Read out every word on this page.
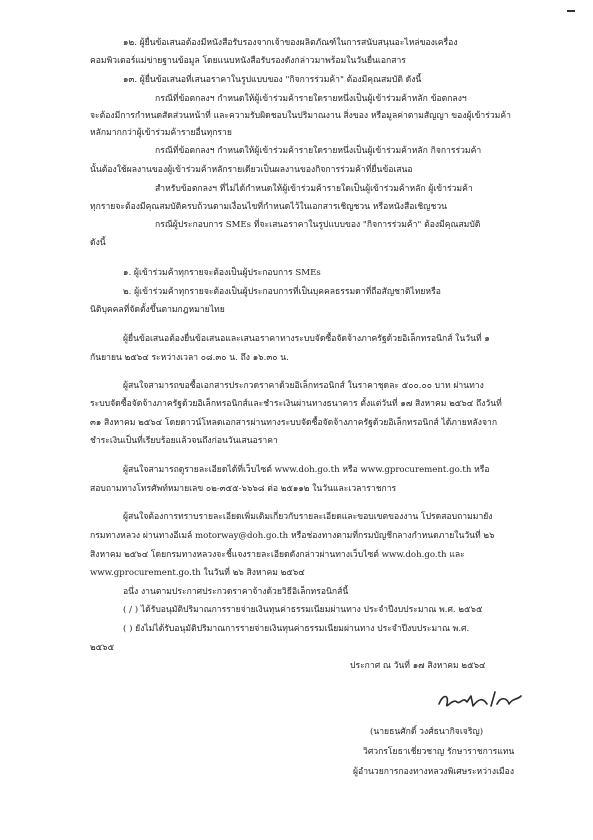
๑๒. ผู้ยื่นข้อเสนอต้องมีหนังสือรับรองจากเจ้าของผลิตภัณฑ์ในการสนับสนุนอะไหล่ของเครื่อง
คอมพิวเตอร์แม่ข่ายฐานข้อมูล โดยแนบหนังสือรับรองดังกล่าวมาพร้อมในวันยื่นเอกสาร
๑๓. ผู้ยื่นข้อเสนอที่เสนอราคาในรูปแบบของ "กิจการร่วมค้า" ต้องมีคุณสมบัติ ดังนี้
กรณีที่ข้อตกลงฯ กำหนดให้ผู้เข้าร่วมค้ารายใดรายหนึ่งเป็นผู้เข้าร่วมค้าหลัก ข้อตกลงฯ
จะต้องมีการกำหนดสัดส่วนหน้าที่ และความรับผิดชอบในปริมาณงาน สิ่งของ หรือมูลค่าตามสัญญา ของผู้เข้าร่วมค้า
หลักมากกว่าผู้เข้าร่วมค้ารายอื่นทุกราย
กรณีที่ข้อตกลงฯ กำหนดให้ผู้เข้าร่วมค้ารายใดรายหนึ่งเป็นผู้เข้าร่วมค้าหลัก กิจการร่วมค้า
นั้นต้องใช้ผลงานของผู้เข้าร่วมค้าหลักรายเดียวเป็นผลงานของกิจการร่วมค้าที่ยื่นข้อเสนอ
สำหรับข้อตกลงฯ ที่ไม่ได้กำหนดให้ผู้เข้าร่วมค้ารายใดเป็นผู้เข้าร่วมค้าหลัก ผู้เข้าร่วมค้า
ทุกรายจะต้องมีคุณสมบัติครบถ้วนตามเงื่อนไขที่กำหนดไว้ในเอกสารเชิญชวน หรือหนังสือเชิญชวน
กรณีผู้ประกอบการ SMEs ที่จะเสนอราคาในรูปแบบของ "กิจการร่วมค้า" ต้องมีคุณสมบัติ
ดังนี้
๑. ผู้เข้าร่วมค้าทุกรายจะต้องเป็นผู้ประกอบการ SMEs
๒. ผู้เข้าร่วมค้าทุกรายจะต้องเป็นผู้ประกอบการที่เป็นบุคคลธรรมดาที่ถือสัญชาติไทยหรือ
นิติบุคคลที่จัดตั้งขึ้นตามกฎหมายไทย
ผู้ยื่นข้อเสนอต้องยื่นข้อเสนอและเสนอราคาทางระบบจัดซื้อจัดจ้างภาครัฐด้วยอิเล็กทรอนิกส์ ในวันที่ ๑
กันยายน ๒๕๖๔ ระหว่างเวลา ๐๘.๓๐ น. ถึง ๑๖.๓๐ น.
ผู้สนใจสามารถขอซื้อเอกสารประกวดราคาด้วยอิเล็กทรอนิกส์ ในราคาชุดละ ๕๐๐.๐๐ บาท ผ่านทาง
ระบบจัดซื้อจัดจ้างภาครัฐด้วยอิเล็กทรอนิกส์และชำระเงินผ่านทางธนาคาร ตั้งแต่วันที่ ๑๗ สิงหาคม ๒๕๖๔ ถึงวันที่
๓๑ สิงหาคม ๒๕๖๔ โดยดาวน์โหลดเอกสารผ่านทางระบบจัดซื้อจัดจ้างภาครัฐด้วยอิเล็กทรอนิกส์ ได้ภายหลังจาก
ชำระเงินเป็นที่เรียบร้อยแล้วจนถึงก่อนวันเสนอราคา
ผู้สนใจสามารถดูรายละเอียดได้ที่เว็บไซต์ www.doh.go.th หรือ www.gprocurement.go.th หรือ
สอบถามทางโทรศัพท์หมายเลข ๐๒-๓๕๕-๖๖๖๘ ต่อ ๒๕๑๑๒ ในวันและเวลาราชการ
ผู้สนใจต้องการทราบรายละเอียดเพิ่มเติมเกี่ยวกับรายละเอียดและขอบเขตของงาน โปรดสอบถามมายัง
กรมทางหลวง ผ่านทางอีเมล์ motorway@doh.go.th หรือช่องทางตามที่กรมบัญชีกลางกำหนดภายในวันที่ ๒๖
สิงหาคม ๒๕๖๔ โดยกรมทางหลวงจะชี้แจงรายละเอียดดังกล่าวผ่านทางเว็บไซต์ www.doh.go.th และ
www.gprocurement.go.th ในวันที่ ๒๖ สิงหาคม ๒๕๖๔
อนึ่ง งานตามประกาศประกวดราคาจ้างด้วยวิธีอิเล็กทรอนิกส์นี้
( / ) ได้รับอนุมัติปริมาณการรายจ่ายเงินทุนค่าธรรมเนียมผ่านทาง ประจำปีงบประมาณ พ.ศ. ๒๕๖๕
( ) ยังไม่ได้รับอนุมัติปริมาณการรายจ่ายเงินทุนค่าธรรมเนียมผ่านทาง ประจำปีงบประมาณ พ.ศ.
๒๕๖๕
ประกาศ ณ วันที่ ๑๗ สิงหาคม ๒๕๖๔
(นายธนศักดิ์ วงศ์ธนากิจเจริญ)
วิศวกรโยธาเชี่ยวชาญ รักษาราชการแทน
ผู้อำนวยการกองทางหลวงพิเศษระหว่างเมือง
